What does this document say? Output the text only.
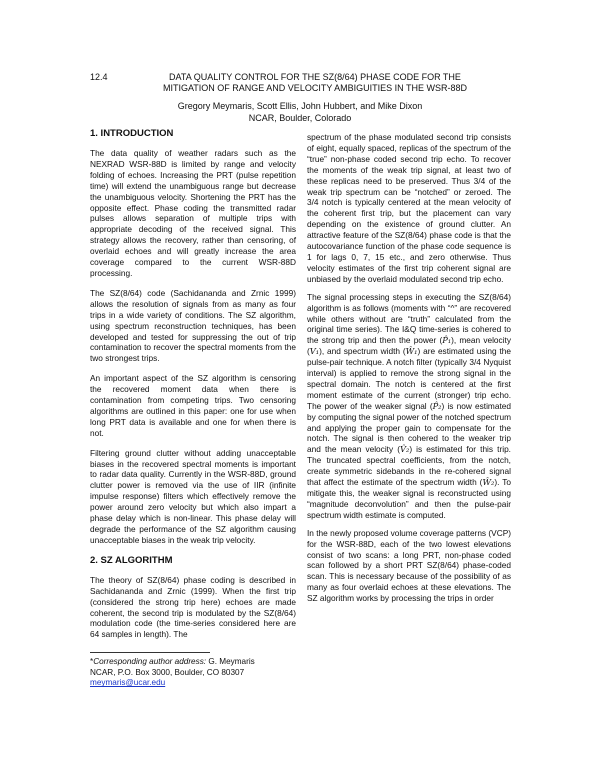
12.4	DATA QUALITY CONTROL FOR THE SZ(8/64) PHASE CODE FOR THE MITIGATION OF RANGE AND VELOCITY AMBIGUITIES IN THE WSR-88D
Gregory Meymaris, Scott Ellis, John Hubbert, and Mike Dixon
NCAR, Boulder, Colorado
1. INTRODUCTION

The data quality of weather radars such as the NEXRAD WSR-88D is limited by range and velocity folding of echoes. Increasing the PRT (pulse repetition time) will extend the unambiguous range but decrease the unambiguous velocity. Shortening the PRT has the opposite effect. Phase coding the transmitted radar pulses allows separation of multiple trips with appropriate decoding of the received signal. This strategy allows the recovery, rather than censoring, of overlaid echoes and will greatly increase the area coverage compared to the current WSR-88D processing.

The SZ(8/64) code (Sachidananda and Zrnic 1999) allows the resolution of signals from as many as four trips in a wide variety of conditions. The SZ algorithm, using spectrum reconstruction techniques, has been developed and tested for suppressing the out of trip contamination to recover the spectral moments from the two strongest trips.

An important aspect of the SZ algorithm is censoring the recovered moment data when there is contamination from competing trips. Two censoring algorithms are outlined in this paper: one for use when long PRT data is available and one for when there is not.

Filtering ground clutter without adding unacceptable biases in the recovered spectral moments is important to radar data quality. Currently in the WSR-88D, ground clutter power is removed via the use of IIR (infinite impulse response) filters which effectively remove the power around zero velocity but which also impart a phase delay which is non-linear. This phase delay will degrade the performance of the SZ algorithm causing unacceptable biases in the weak trip velocity.

2. SZ ALGORITHM

The theory of SZ(8/64) phase coding is described in Sachidananda and Zrnic (1999). When the first trip (considered the strong trip here) echoes are made coherent, the second trip is modulated by the SZ(8/64) modulation code (the time-series considered here are 64 samples in length). The

*Corresponding author address: G. Meymaris
NCAR, P.O. Box 3000, Boulder, CO 80307
meymaris@ucar.edu

spectrum of the phase modulated second trip consists of eight, equally spaced, replicas of the spectrum of the “true” non-phase coded second trip echo. To recover the moments of the weak trip signal, at least two of these replicas need to be preserved. Thus 3/4 of the weak trip spectrum can be “notched” or zeroed. The 3/4 notch is typically centered at the mean velocity of the coherent first trip, but the placement can vary depending on the existence of ground clutter. An attractive feature of the SZ(8/64) phase code is that the autocovariance function of the phase code sequence is 1 for lags 0, 7, 15 etc., and zero otherwise. Thus velocity estimates of the first trip coherent signal are unbiased by the overlaid modulated second trip echo.

The signal processing steps in executing the SZ(8/64) algorithm is as follows (moments with “^” are recovered while others without are “truth” calculated from the original time series). The I&Q time-series is cohered to the strong trip and then the power (P̂₁), mean velocity (V₁), and spectrum width (Ŵ₁) are estimated using the pulse-pair technique. A notch filter (typically 3/4 Nyquist interval) is applied to remove the strong signal in the spectral domain. The notch is centered at the first moment estimate of the current (stronger) trip echo. The power of the weaker signal (P̂₂) is now estimated by computing the signal power of the notched spectrum and applying the proper gain to compensate for the notch. The signal is then cohered to the weaker trip and the mean velocity (V̂₂) is estimated for this trip. The truncated spectral coefficients, from the notch, create symmetric sidebands in the re-cohered signal that affect the estimate of the spectrum width (Ŵ₂). To mitigate this, the weaker signal is reconstructed using “magnitude deconvolution” and then the pulse-pair spectrum width estimate is computed.

In the newly proposed volume coverage patterns (VCP) for the WSR-88D, each of the two lowest elevations consist of two scans: a long PRT, non-phase coded scan followed by a short PRT SZ(8/64) phase-coded scan. This is necessary because of the possibility of as many as four overlaid echoes at these elevations. The SZ algorithm works by processing the trips in order
